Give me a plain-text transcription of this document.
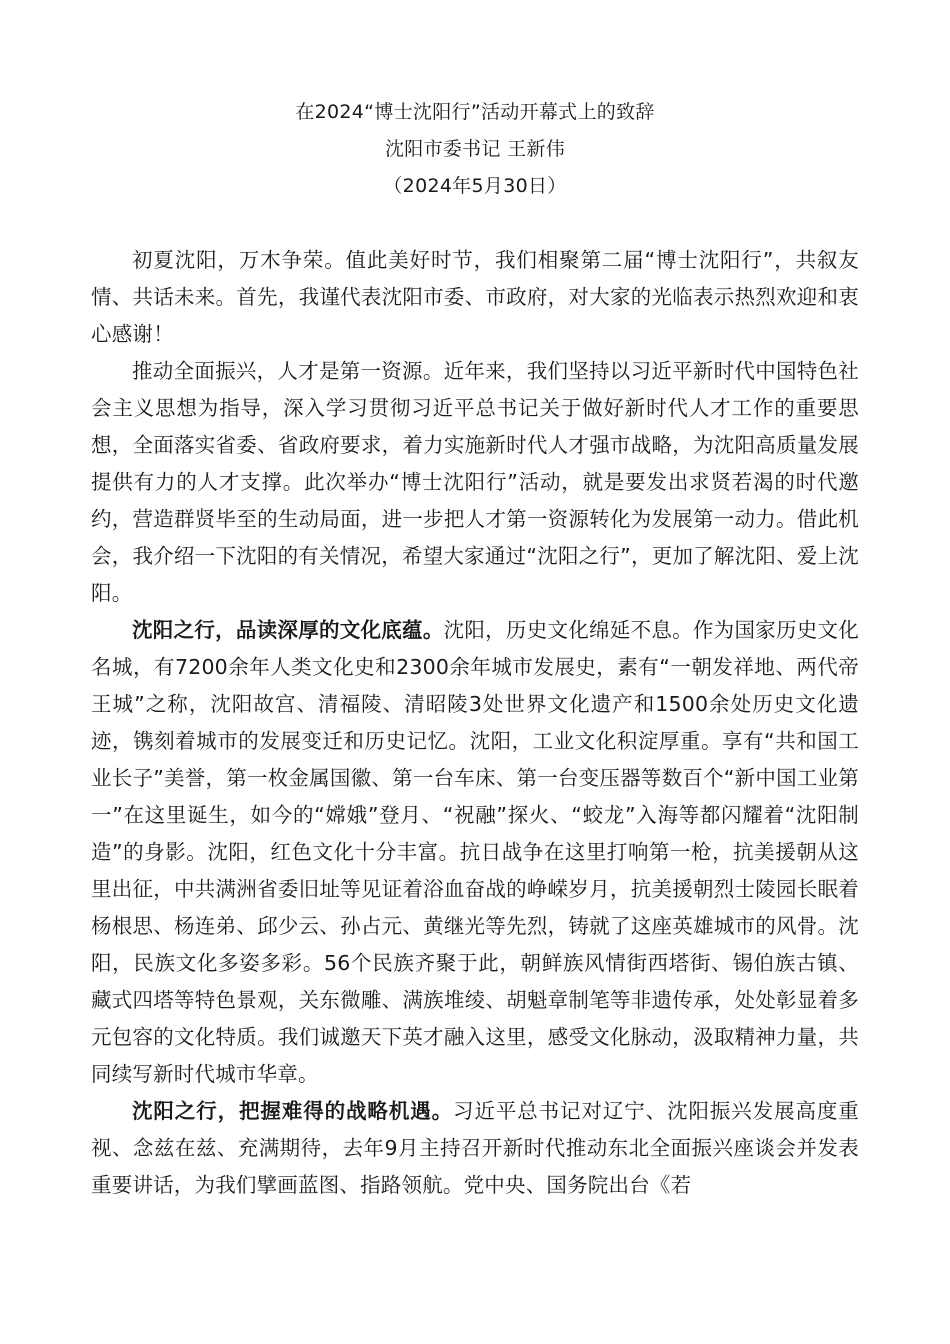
在2024“博士沈阳行”活动开幕式上的致辞
沈阳市委书记 王新伟
（2024年5月30日）

初夏沈阳，万木争荣。值此美好时节，我们相聚第二届“博士沈阳行”，共叙友情、共话未来。首先，我谨代表沈阳市委、市政府，对大家的光临表示热烈欢迎和衷心感谢！

推动全面振兴，人才是第一资源。近年来，我们坚持以习近平新时代中国特色社会主义思想为指导，深入学习贯彻习近平总书记关于做好新时代人才工作的重要思想，全面落实省委、省政府要求，着力实施新时代人才强市战略，为沈阳高质量发展提供有力的人才支撑。此次举办“博士沈阳行”活动，就是要发出求贤若渴的时代邀约，营造群贤毕至的生动局面，进一步把人才第一资源转化为发展第一动力。借此机会，我介绍一下沈阳的有关情况，希望大家通过“沈阳之行”，更加了解沈阳、爱上沈阳。

沈阳之行，品读深厚的文化底蕴。沈阳，历史文化绵延不息。作为国家历史文化名城，有7200余年人类文化史和2300余年城市发展史，素有“一朝发祥地、两代帝王城”之称，沈阳故宫、清福陵、清昭陵3处世界文化遗产和1500余处历史文化遗迹，镌刻着城市的发展变迁和历史记忆。沈阳，工业文化积淀厚重。享有“共和国工业长子”美誉，第一枚金属国徽、第一台车床、第一台变压器等数百个“新中国工业第一”在这里诞生，如今的“嫦娥”登月、“祝融”探火、“蛟龙”入海等都闪耀着“沈阳制造”的身影。沈阳，红色文化十分丰富。抗日战争在这里打响第一枪，抗美援朝从这里出征，中共满洲省委旧址等见证着浴血奋战的峥嵘岁月，抗美援朝烈士陵园长眠着杨根思、杨连弟、邱少云、孙占元、黄继光等先烈，铸就了这座英雄城市的风骨。沈阳，民族文化多姿多彩。56个民族齐聚于此，朝鲜族风情街西塔街、锡伯族古镇、藏式四塔等特色景观，关东微雕、满族堆绫、胡魁章制笔等非遗传承，处处彰显着多元包容的文化特质。我们诚邀天下英才融入这里，感受文化脉动，汲取精神力量，共同续写新时代城市华章。

沈阳之行，把握难得的战略机遇。习近平总书记对辽宁、沈阳振兴发展高度重视、念兹在兹、充满期待，去年9月主持召开新时代推动东北全面振兴座谈会并发表重要讲话，为我们擘画蓝图、指路领航。党中央、国务院出台《若
